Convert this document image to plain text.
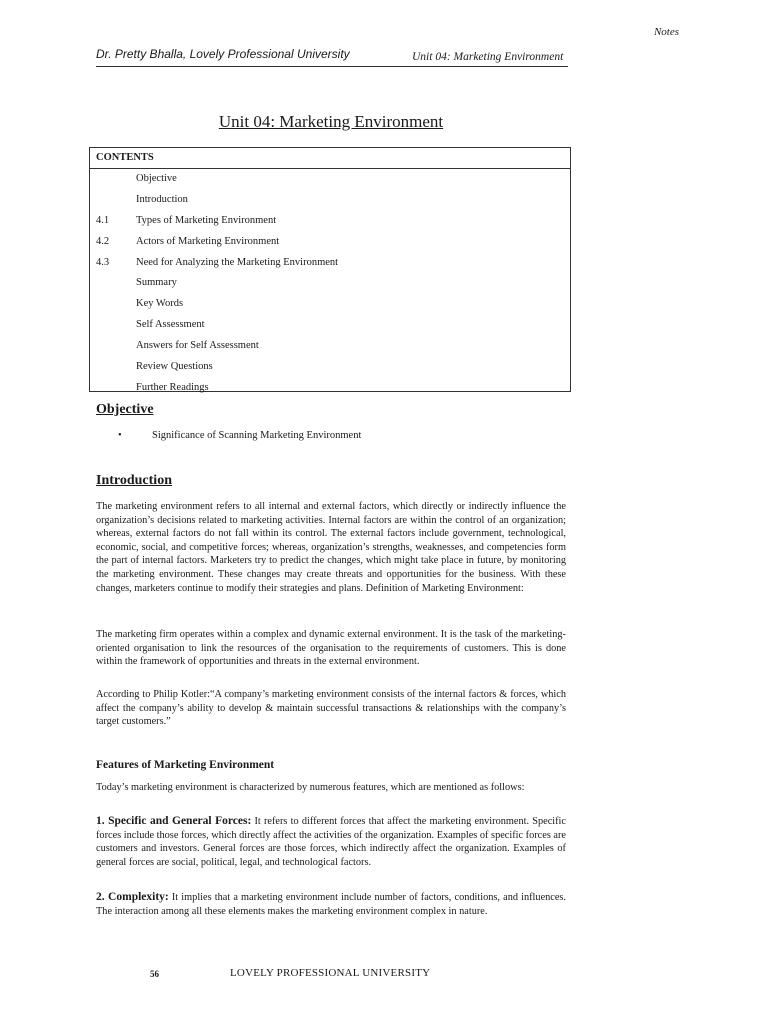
Notes
Dr. Pretty Bhalla, Lovely Professional University	Unit 04: Marketing Environment
Unit 04: Marketing Environment
CONTENTS
Objective
Introduction
4.1	Types of Marketing Environment
4.2	Actors of Marketing Environment
4.3	Need for Analyzing the Marketing Environment
Summary
Key Words
Self Assessment
Answers for Self Assessment
Review Questions
Further Readings
Objective
•	Significance of Scanning Marketing Environment
Introduction

The marketing environment refers to all internal and external factors, which directly or indirectly influence the organization’s decisions related to marketing activities. Internal factors are within the control of an organization; whereas, external factors do not fall within its control. The external factors include government, technological, economic, social, and competitive forces; whereas, organization’s strengths, weaknesses, and competencies form the part of internal factors. Marketers try to predict the changes, which might take place in future, by monitoring the marketing environment. These changes may create threats and opportunities for the business. With these changes, marketers continue to modify their strategies and plans. Definition of Marketing Environment:

The marketing firm operates within a complex and dynamic external environment. It is the task of the marketing-oriented organisation to link the resources of the organisation to the requirements of customers. This is done within the framework of opportunities and threats in the external environment.

According to Philip Kotler:“A company’s marketing environment consists of the internal factors & forces, which affect the company’s ability to develop & maintain successful transactions & relationships with the company’s target customers.”

Features of Marketing Environment

Today’s marketing environment is characterized by numerous features, which are mentioned as follows:

1. Specific and General Forces: It refers to different forces that affect the marketing environment. Specific forces include those forces, which directly affect the activities of the organization. Examples of specific forces are customers and investors. General forces are those forces, which indirectly affect the organization. Examples of general forces are social, political, legal, and technological factors.

2. Complexity: It implies that a marketing environment include number of factors, conditions, and influences. The interaction among all these elements makes the marketing environment complex in nature.

56	LOVELY PROFESSIONAL UNIVERSITY
